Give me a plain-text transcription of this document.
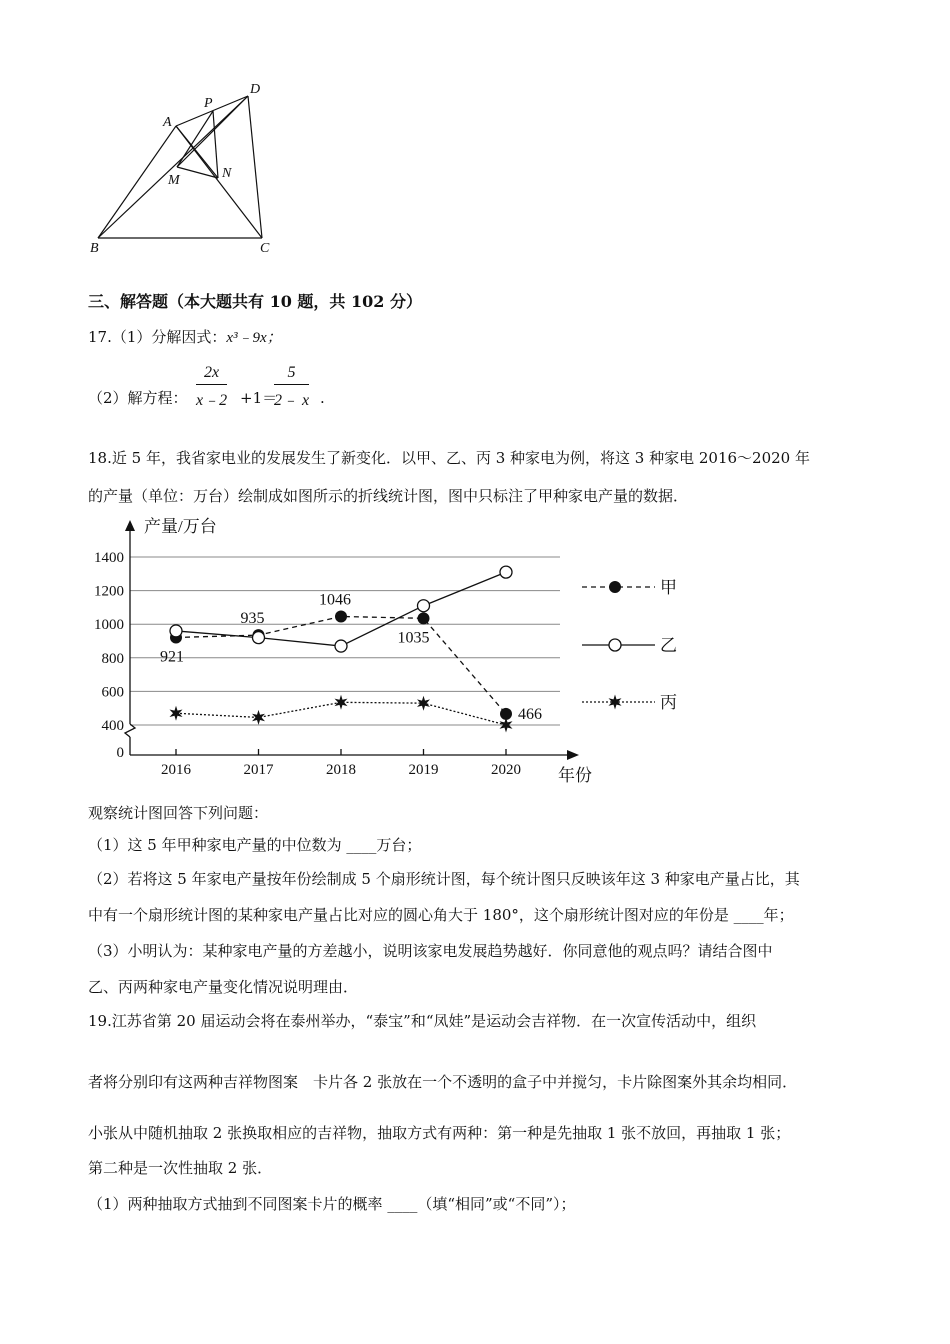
A
P
D
M	N
B	C
三、解答题（本大题共有 10 题，共 102 分）
17.（1）分解因式：x³﹣9x；
（2）解方程： $\frac{2x}{x﹣2} +1=$
$\frac{5}{2﹣ x}$ .
18.近 5 年，我省家电业的发展发生了新变化．以甲、乙、丙 3 种家电为例，将这 3 种家电 2016～2020 年
的产量（单位：万台）绘制成如图所示的折线统计图，图中只标注了甲种家电产量的数据．
产量/万台
年份
0
400
600
800
1000
1200
1400
2016	2017	2018	2019	2020
921
935
1046
1035
466
甲
乙
丙
观察统计图回答下列问题：
（1）这 5 年甲种家电产量的中位数为 ____万台；
（2）若将这 5 年家电产量按年份绘制成 5 个扇形统计图，每个统计图只反映该年这 3 种家电产量占比，其
中有一个扇形统计图的某种家电产量占比对应的圆心角大于 180°，这个扇形统计图对应的年份是 ____年；
（3）小明认为：某种家电产量的方差越小，说明该家电发展趋势越好．你同意他的观点吗？请结合图中
乙、丙两种家电产量变化情况说明理由．
19.江苏省第 20 届运动会将在泰州举办，“泰宝”和“凤娃”是运动会吉祥物．在一次宣传活动中，组织
者将分别印有这两种吉祥物图案　卡片各 2 张放在一个不透明的盒子中并搅匀，卡片除图案外其余均相同．
小张从中随机抽取 2 张换取相应的吉祥物，抽取方式有两种：第一种是先抽取 1 张不放回，再抽取 1 张；
第二种是一次性抽取 2 张．
（1）两种抽取方式抽到不同图案卡片的概率 ____（填“相同”或“不同”）；
